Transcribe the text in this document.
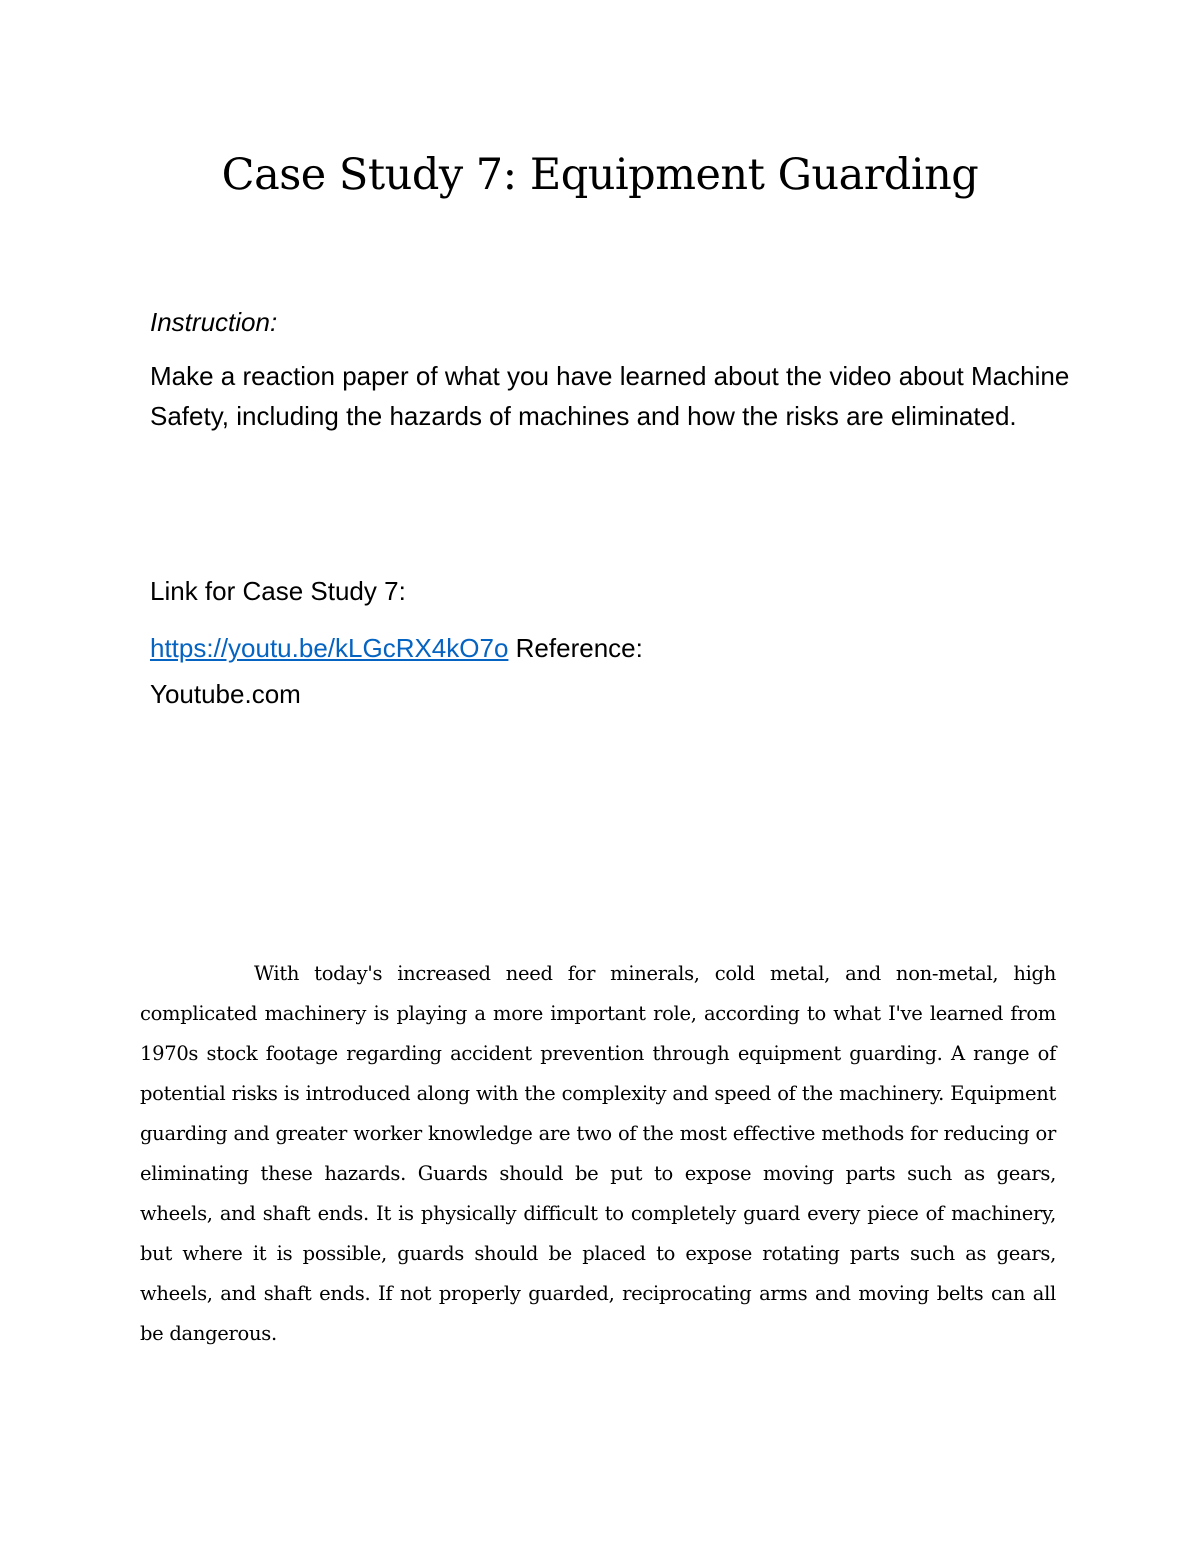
Case Study 7: Equipment Guarding

Instruction:

Make a reaction paper of what you have learned about the video about Machine Safety, including the hazards of machines and how the risks are eliminated.

Link for Case Study 7:

https://youtu.be/kLGcRX4kO7o Reference:

Youtube.com

With today's increased need for minerals, cold metal, and non-metal, high complicated machinery is playing a more important role, according to what I've learned from 1970s stock footage regarding accident prevention through equipment guarding. A range of potential risks is introduced along with the complexity and speed of the machinery. Equipment guarding and greater worker knowledge are two of the most effective methods for reducing or eliminating these hazards. Guards should be put to expose moving parts such as gears, wheels, and shaft ends. It is physically difficult to completely guard every piece of machinery, but where it is possible, guards should be placed to expose rotating parts such as gears, wheels, and shaft ends. If not properly guarded, reciprocating arms and moving belts can all be dangerous.
